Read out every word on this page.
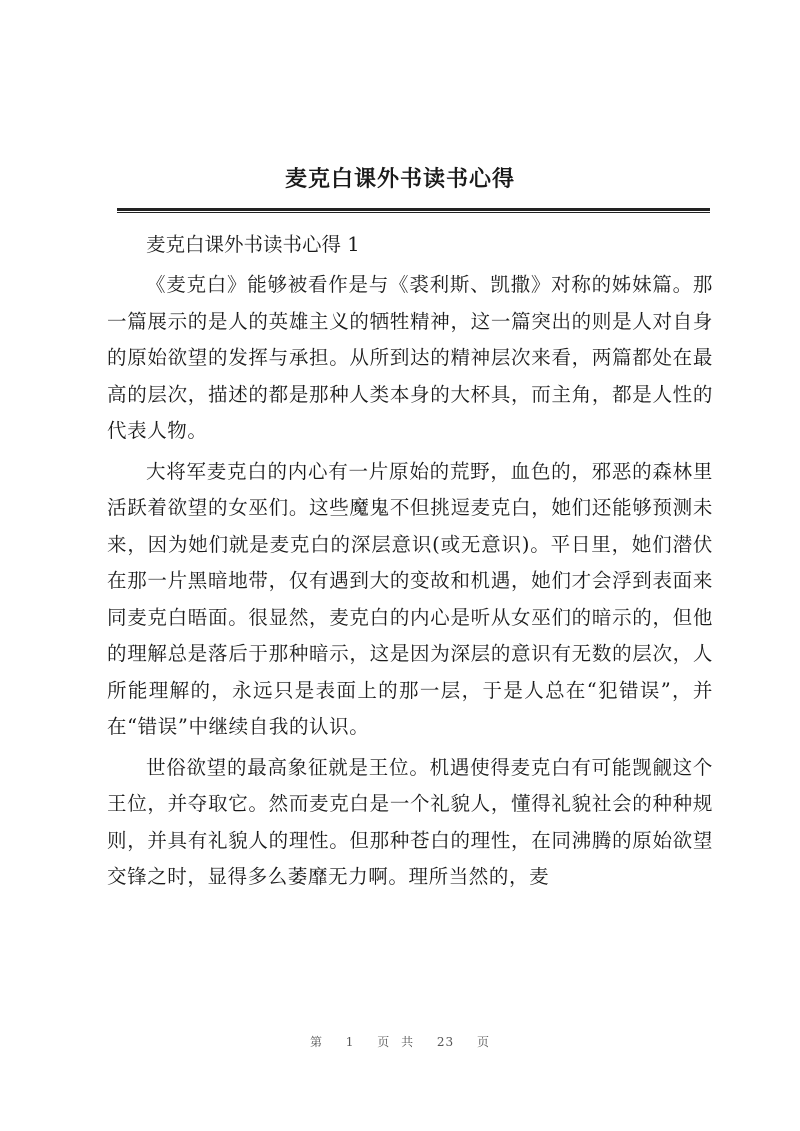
麦克白课外书读书心得

麦克白课外书读书心得 1

《麦克白》能够被看作是与《裘利斯、凯撒》对称的姊妹篇。那一篇展示的是人的英雄主义的牺牲精神，这一篇突出的则是人对自身的原始欲望的发挥与承担。从所到达的精神层次来看，两篇都处在最高的层次，描述的都是那种人类本身的大杯具，而主角，都是人性的代表人物。

大将军麦克白的内心有一片原始的荒野，血色的，邪恶的森林里活跃着欲望的女巫们。这些魔鬼不但挑逗麦克白，她们还能够预测未来，因为她们就是麦克白的深层意识(或无意识)。平日里，她们潜伏在那一片黑暗地带，仅有遇到大的变故和机遇，她们才会浮到表面来同麦克白晤面。很显然，麦克白的内心是听从女巫们的暗示的，但他的理解总是落后于那种暗示，这是因为深层的意识有无数的层次，人所能理解的，永远只是表面上的那一层，于是人总在“犯错误”，并在“错误”中继续自我的认识。

世俗欲望的最高象征就是王位。机遇使得麦克白有可能觊觎这个王位，并夺取它。然而麦克白是一个礼貌人，懂得礼貌社会的种种规则，并具有礼貌人的理性。但那种苍白的理性，在同沸腾的原始欲望交锋之时，显得多么萎靡无力啊。理所当然的，麦

第 1 页 共 23 页
